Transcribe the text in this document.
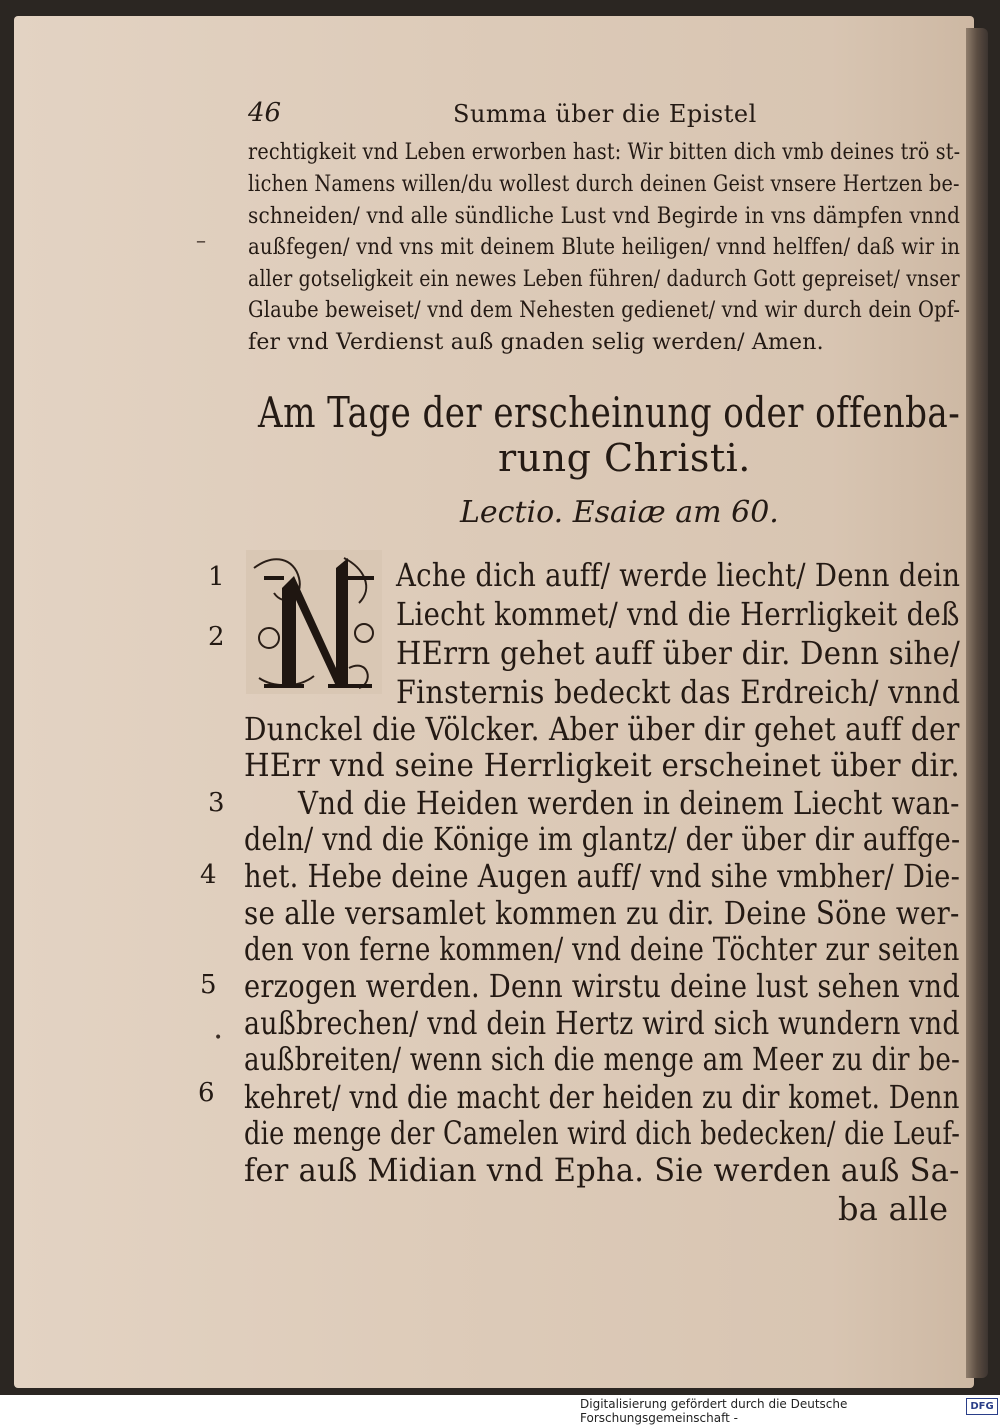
46	Summa über die Epistel
rechtigkeit vnd Leben erworben hast: Wir bitten dich vmb deines trö st-
lichen Namens willen/du wollest durch deinen Geist vnsere Hertzen be-
schneiden/ vnd alle sündliche Lust vnd Begirde in vns dämpfen vnnd
außfegen/ vnd vns mit deinem Blute heiligen/ vnnd helffen/ daß wir in
aller gotseligkeit ein newes Leben führen/ dadurch Gott gepreiset/ vnser
Glaube beweiset/ vnd dem Nehesten gedienet/ vnd wir durch dein Opf-
fer vnd Verdienst auß gnaden selig werden/ Amen.
–
Am Tage der erscheinung oder offenba-
rung Christi.
Lectio. Esaiæ am 60.
1
2
3
4
5
6
•
Ache dich auff/ werde liecht/ Denn dein
Liecht kommet/ vnd die Herrligkeit deß
HErrn gehet auff über dir. Denn sihe/
Finsternis bedeckt das Erdreich/ vnnd
Dunckel die Völcker. Aber über dir gehet auff der
HErr vnd seine Herrligkeit erscheinet über dir.
Vnd die Heiden werden in deinem Liecht wan-
deln/ vnd die Könige im glantz/ der über dir auffge-
het. Hebe deine Augen auff/ vnd sihe vmbher/ Die-
se alle versamlet kommen zu dir. Deine Söne wer-
den von ferne kommen/ vnd deine Töchter zur seiten
erzogen werden. Denn wirstu deine lust sehen vnd
außbrechen/ vnd dein Hertz wird sich wundern vnd
außbreiten/ wenn sich die menge am Meer zu dir be-
kehret/ vnd die macht der heiden zu dir komet. Denn
die menge der Camelen wird dich bedecken/ die Leuf-
fer auß Midian vnd Epha. Sie werden auß Sa-
ba alle
Digitalisierung gefördert durch die Deutsche Forschungsgemeinschaft -
DFG
